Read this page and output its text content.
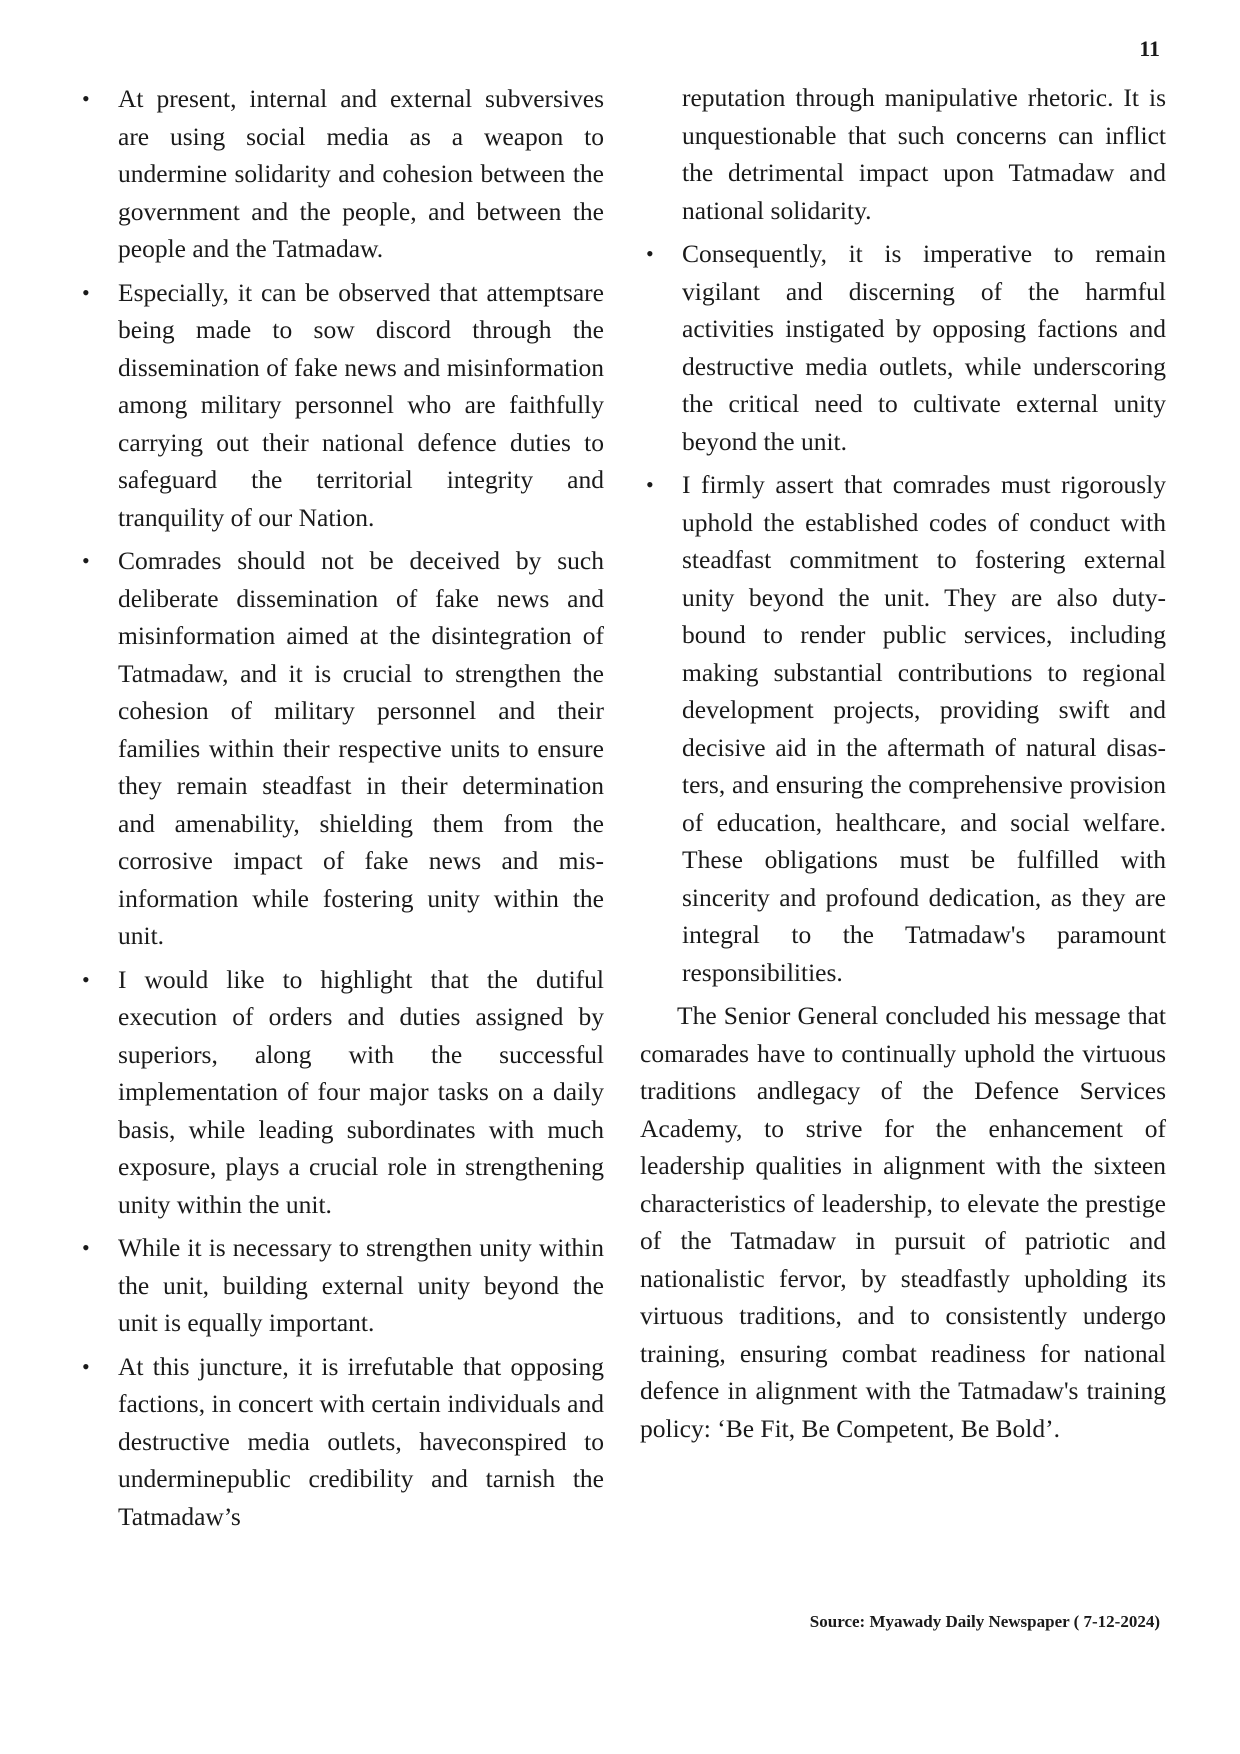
11
• At present, internal and external subversives are using social media as a weapon to undermine solidarity and cohesion between the government and the people, and between the people and the Tatmadaw.
• Especially, it can be observed that attemptsare being made to sow discord through the dissemination of fake news and misinformation among military personnel who are faithfully carrying out their national defence duties to safeguard the territorial integrity and tranquility of our Nation.
• Comrades should not be deceived by such deliberate dissemination of fake news and misinformation aimed at the disintegration of Tatmadaw, and it is crucial to strengthen the cohesion of military personnel and their families within their respective units to ensure they remain steadfast in their determination and amenability, shielding them from the corrosive impact of fake news and misinformation while fostering unity within the unit.
• I would like to highlight that the dutiful execution of orders and duties assigned by superiors, along with the successful implementation of four major tasks on a daily basis, while leading subordinates with much exposure, plays a crucial role in strengthening unity within the unit.
• While it is necessary to strengthen unity within the unit, building external unity beyond the unit is equally important.
• At this juncture, it is irrefutable that opposing factions, in concert with certain individuals and destructive media outlets, haveconspired to underminepublic credibility and tarnish the Tatmadaw’s
reputation through manipulative rhetoric. It is unquestionable that such concerns can inflict the detrimental impact upon Tatmadaw and national solidarity.
• Consequently, it is imperative to remain vigilant and discerning of the harmful activities instigated by opposing factions and destructive media outlets, while underscoring the critical need to cultivate external unity beyond the unit.
• I firmly assert that comrades must rigorously uphold the established codes of conduct with steadfast commitment to fostering external unity beyond the unit. They are also duty-bound to render public services, including making substantial contributions to regional development projects, providing swift and decisive aid in the aftermath of natural disasters, and ensuring the comprehensive provision of education, healthcare, and social welfare. These obligations must be fulfilled with sincerity and profound dedication, as they are integral to the Tatmadaw's paramount responsibilities.

The Senior General concluded his message that comarades have to continually uphold the virtuous traditions andlegacy of the Defence Services Academy, to strive for the enhancement of leadership qualities in alignment with the sixteen characteristics of leadership, to elevate the prestige of the Tatmadaw in pursuit of patriotic and nationalistic fervor, by steadfastly upholding its virtuous traditions, and to consistently undergo training, ensuring combat readiness for national defence in alignment with the Tatmadaw's training policy: ‘Be Fit, Be Competent, Be Bold’.

Source: Myawady Daily Newspaper ( 7-12-2024)
